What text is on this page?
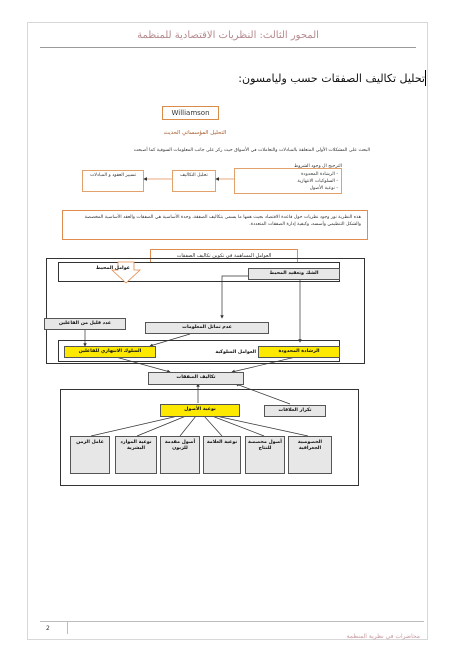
المحور الثالث: النظريات الاقتصادية للمنظمة
تحليل تكاليف الصفقات حسب وليامسون:
Williamson
التحليل المؤسساتي الحديث
البحث على المشكلات الأولى المتعلقة بالمبادلات والتعاملات في الأسواق حيث ركز على جانب المعلومات السوقية كما أصبحت
الترجيح ال وجود الشروط
- الرشادة المحدودة
- السلوكيات الانتهازية
- نوعية الأصول
تحليل التكاليف
تسيير العقود و المبادلات
هذه النظرية نور وجود نظريات حول قاعدة الاقتصاد بحيث همها ما يسمى بتكاليف الصفقة، وحدة الأساسية هي الصفقات والعقد الأساسية المخصصة والشكل التنظيمي وأسسه، وكيفية إدارة الصفقات المتعددة.
العوامل المساهمة في تكوين تكاليف الصفقات
عوامل المحيط
الشك وتعقيد المحيط
عدد قليل من الفاعلين
عدم تماثل المعلومات
السلوك الانتهازي للفاعلين	العوامل السلوكية	الرشادة المحدودة
تكاليف الصفقات
نوعية الأصول	تكرار العلاقات
الخصوصية الجغرافية
أصول مخصصة للنتاج
نوعية العلامة
أصول مقدمة للزبون
نوعية الموارد البشرية
عامل الزمن
2
محاضرات في نظرية المنظمة
